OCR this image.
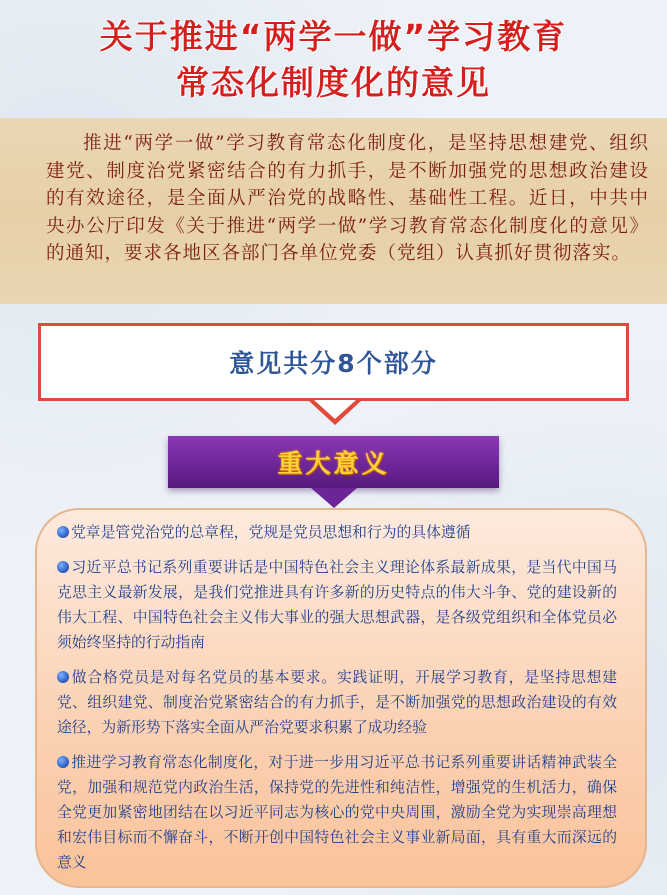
关于推进“两学一做”学习教育
常态化制度化的意见

推进“两学一做”学习教育常态化制度化，是坚持思想建党、组织建党、制度治党紧密结合的有力抓手，是不断加强党的思想政治建设的有效途径，是全面从严治党的战略性、基础性工程。近日，中共中央办公厅印发《关于推进“两学一做”学习教育常态化制度化的意见》的通知，要求各地区各部门各单位党委（党组）认真抓好贯彻落实。

意见共分8个部分
重大意义
党章是管党治党的总章程，党规是党员思想和行为的具体遵循
习近平总书记系列重要讲话是中国特色社会主义理论体系最新成果，是当代中国马克思主义最新发展，是我们党推进具有许多新的历史特点的伟大斗争、党的建设新的伟大工程、中国特色社会主义伟大事业的强大思想武器，是各级党组织和全体党员必须始终坚持的行动指南
做合格党员是对每名党员的基本要求。实践证明，开展学习教育，是坚持思想建党、组织建党、制度治党紧密结合的有力抓手，是不断加强党的思想政治建设的有效途径，为新形势下落实全面从严治党要求积累了成功经验
推进学习教育常态化制度化，对于进一步用习近平总书记系列重要讲话精神武装全党，加强和规范党内政治生活，保持党的先进性和纯洁性，增强党的生机活力，确保全党更加紧密地团结在以习近平同志为核心的党中央周围，激励全党为实现崇高理想和宏伟目标而不懈奋斗，不断开创中国特色社会主义事业新局面，具有重大而深远的意义
